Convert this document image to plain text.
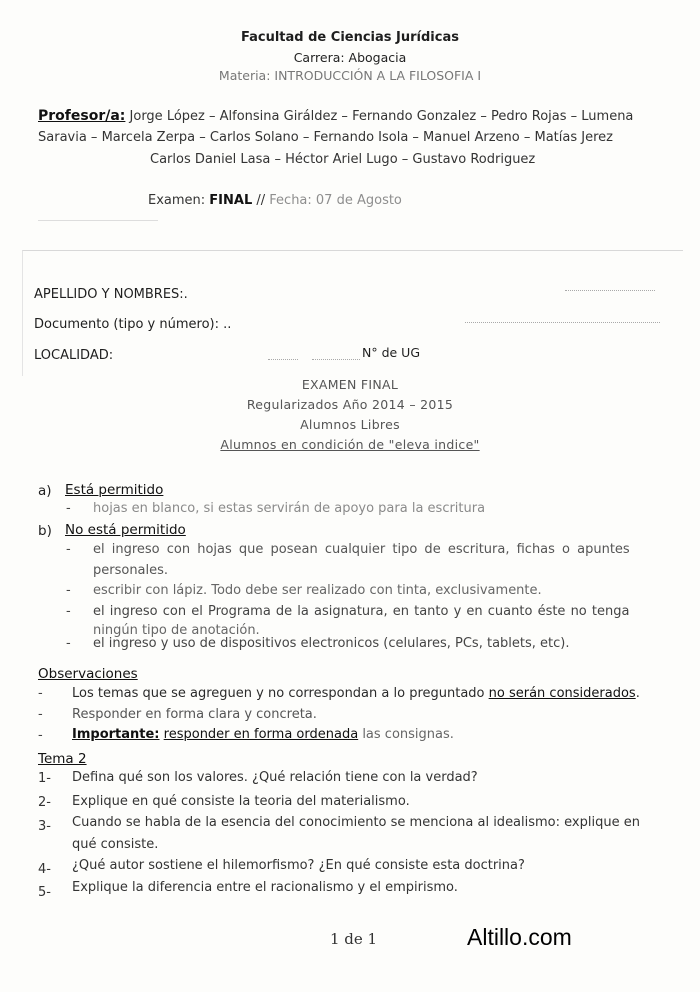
Facultad de Ciencias Jurídicas
Carrera: Abogacia
Materia: INTRODUCCIÓN A LA FILOSOFIA I
Profesor/a: Jorge López – Alfonsina Giráldez – Fernando Gonzalez – Pedro Rojas – Lumena
Saravia – Marcela Zerpa – Carlos Solano – Fernando Isola – Manuel Arzeno – Matías Jerez
Carlos Daniel Lasa – Héctor Ariel Lugo – Gustavo Rodriguez
Examen: FINAL // Fecha: 07 de Agosto
APELLIDO Y NOMBRES:.
Documento (tipo y número): ..
LOCALIDAD:	N° de UG
EXAMEN FINAL
Regularizados Año 2014 – 2015
Alumnos Libres
Alumnos en condición de "eleva indice"
a) Está permitido
- hojas en blanco, si estas servirán de apoyo para la escritura
b) No está permitido
- el ingreso con hojas que posean cualquier tipo de escritura, fichas o apuntes
personales.
- escribir con lápiz. Todo debe ser realizado con tinta, exclusivamente.
- el ingreso con el Programa de la asignatura, en tanto y en cuanto éste no tenga
ningún tipo de anotación.
- el ingreso y uso de dispositivos electronicos (celulares, PCs, tablets, etc).
Observaciones
- Los temas que se agreguen y no correspondan a lo preguntado no serán considerados.
- Responder en forma clara y concreta.
- Importante: responder en forma ordenada las consignas.
Tema 2
1- Defina qué son los valores. ¿Qué relación tiene con la verdad?
2- Explique en qué consiste la teoria del materialismo.
3- Cuando se habla de la esencia del conocimiento se menciona al idealismo: explique en
qué consiste.
4- ¿Qué autor sostiene el hilemorfismo? ¿En qué consiste esta doctrina?
5- Explique la diferencia entre el racionalismo y el empirismo.
1 de 1	Altillo.com
